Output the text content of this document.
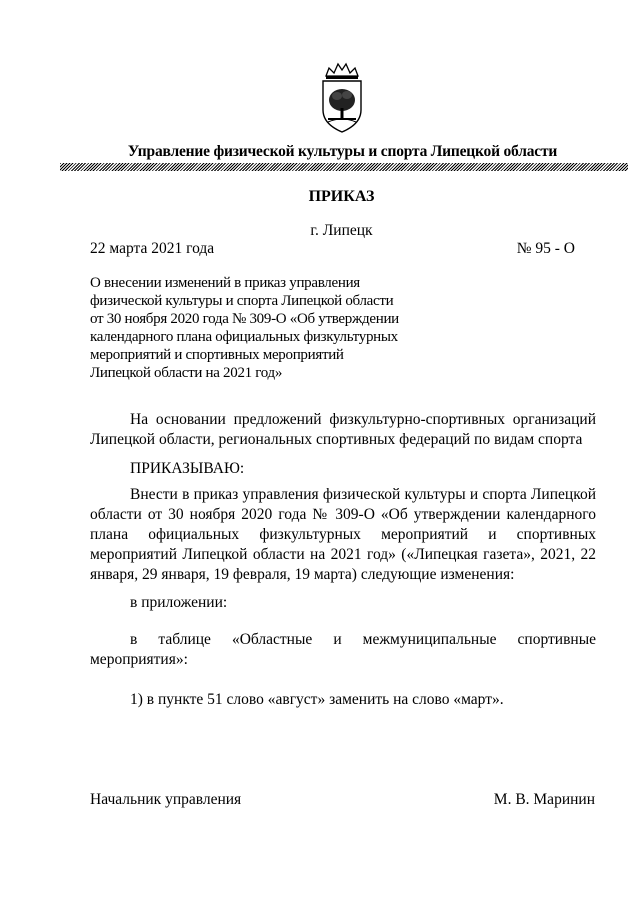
Управление физической культуры и спорта Липецкой области
ПРИКАЗ
г. Липецк
22 марта 2021 года	№ 95 - О
О внесении изменений в приказ управления физической культуры и спорта Липецкой области от 30 ноября 2020 года № 309-О «Об утверждении календарного плана официальных физкультурных мероприятий и спортивных мероприятий Липецкой области на 2021 год»
На основании предложений физкультурно-спортивных организаций Липецкой области, региональных спортивных федераций по видам спорта
ПРИКАЗЫВАЮ:
Внести в приказ управления физической культуры и спорта Липецкой области от 30 ноября 2020 года № 309-О «Об утверждении календарного плана официальных физкультурных мероприятий и спортивных мероприятий Липецкой области на 2021 год» («Липецкая газета», 2021, 22 января, 29 января, 19 февраля, 19 марта) следующие изменения:
в приложении:
в таблице «Областные и межмуниципальные спортивные мероприятия»:
1) в пункте 51 слово «август» заменить на слово «март».
Начальник управления	М. В. Маринин
